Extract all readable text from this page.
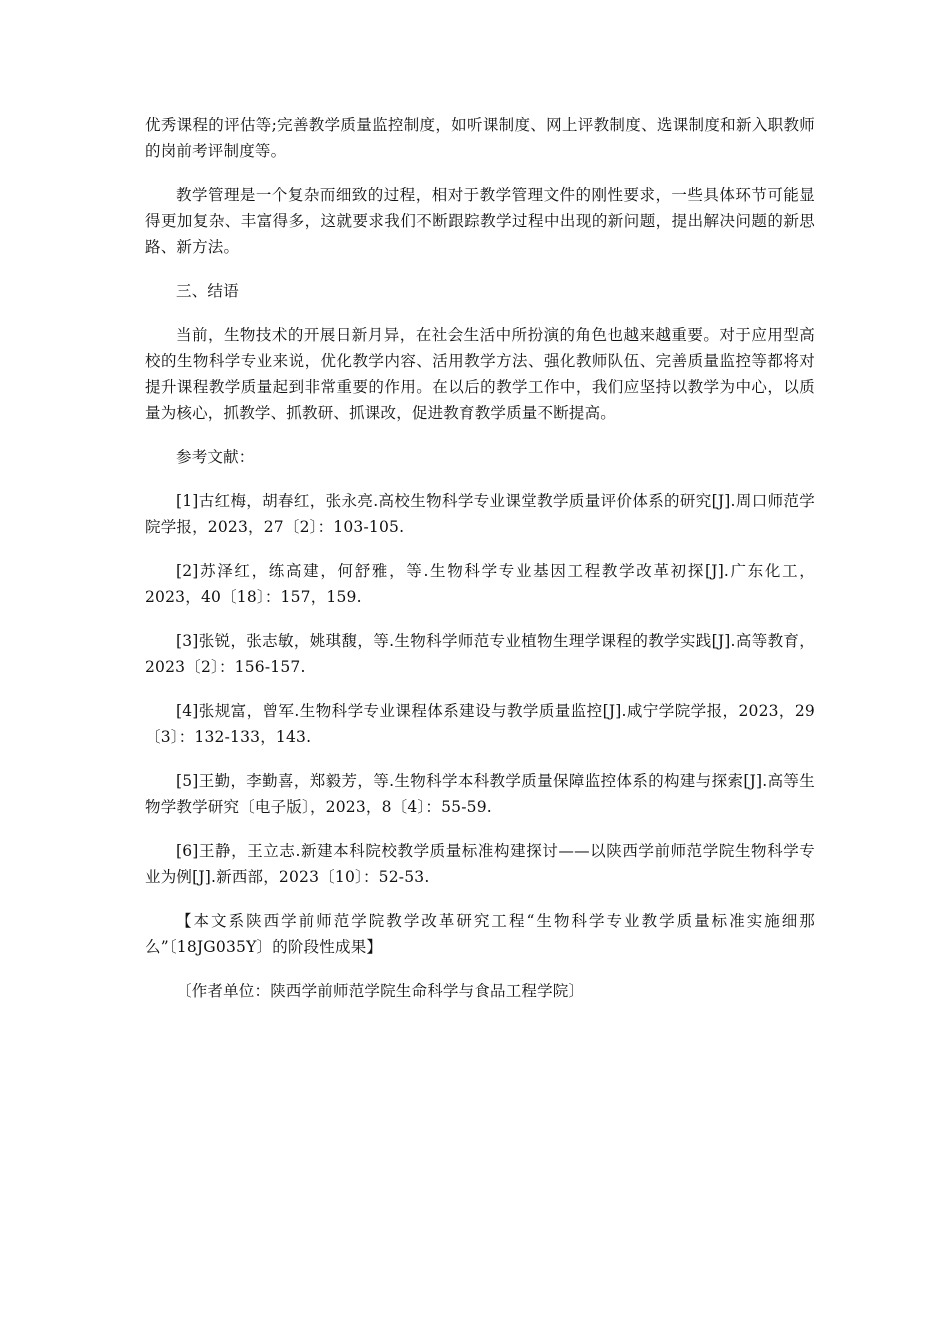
优秀课程的评估等;完善教学质量监控制度，如听课制度、网上评教制度、选课制度和新入职教师的岗前考评制度等。

教学管理是一个复杂而细致的过程，相对于教学管理文件的刚性要求，一些具体环节可能显得更加复杂、丰富得多，这就要求我们不断跟踪教学过程中出现的新问题，提出解决问题的新思路、新方法。

三、结语

当前，生物技术的开展日新月异，在社会生活中所扮演的角色也越来越重要。对于应用型高校的生物科学专业来说，优化教学内容、活用教学方法、强化教师队伍、完善质量监控等都将对提升课程教学质量起到非常重要的作用。在以后的教学工作中，我们应坚持以教学为中心，以质量为核心，抓教学、抓教研、抓课改，促进教育教学质量不断提高。

参考文献：

[1]古红梅，胡春红，张永亮.高校生物科学专业课堂教学质量评价体系的研究[J].周口师范学院学报，2023，27〔2〕：103-105.

[2]苏泽红，练高建，何舒雅，等.生物科学专业基因工程教学改革初探[J].广东化工，2023，40〔18〕：157，159.

[3]张锐，张志敏，姚琪馥，等.生物科学师范专业植物生理学课程的教学实践[J].高等教育，2023〔2〕：156-157.

[4]张规富，曾军.生物科学专业课程体系建设与教学质量监控[J].咸宁学院学报，2023，29〔3〕：132-133，143.

[5]王勤，李勤喜，郑毅芳，等.生物科学本科教学质量保障监控体系的构建与探索[J].高等生物学教学研究〔电子版〕，2023，8〔4〕：55-59.

[6]王静，王立志.新建本科院校教学质量标准构建探讨——以陕西学前师范学院生物科学专业为例[J].新西部，2023〔10〕：52-53.

【本文系陕西学前师范学院教学改革研究工程“生物科学专业教学质量标准实施细那么”〔18JG035Y〕的阶段性成果】

〔作者单位：陕西学前师范学院生命科学与食品工程学院〕
